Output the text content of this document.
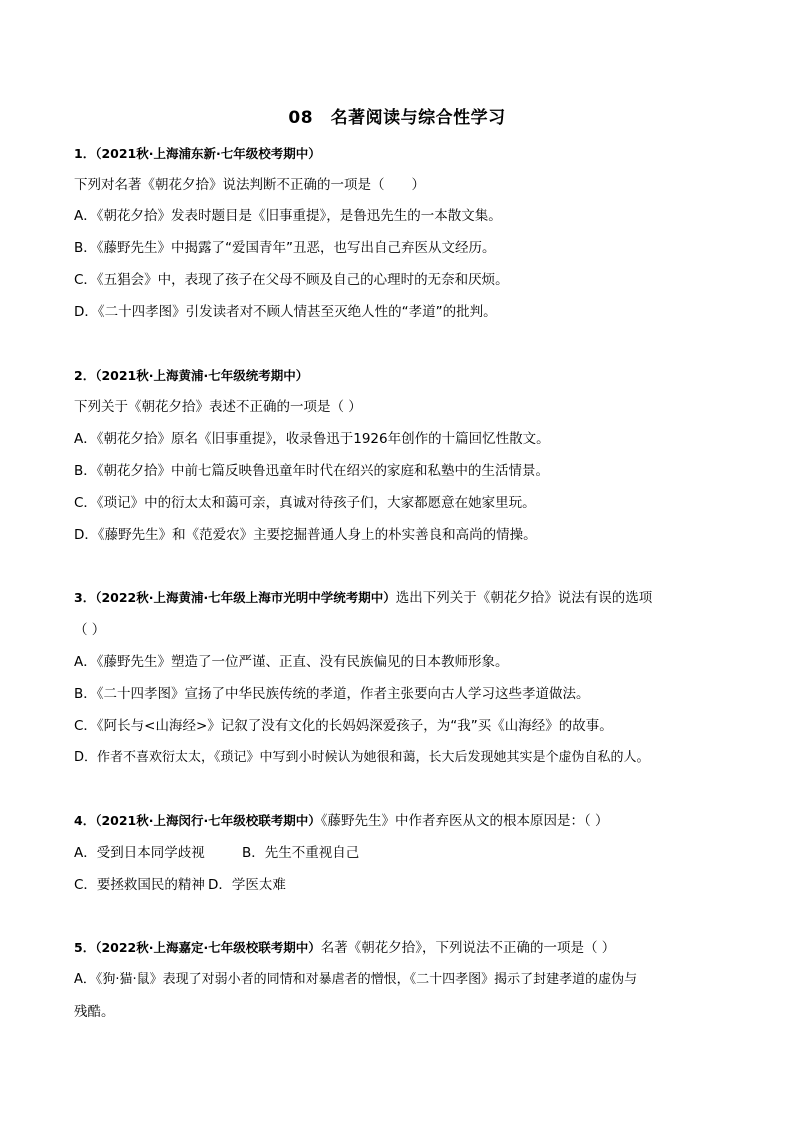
08　名著阅读与综合性学习
1．（2021秋·上海浦东新·七年级校考期中）
下列对名著《朝花夕拾》说法判断不正确的一项是（　　）
A．《朝花夕拾》发表时题目是《旧事重提》，是鲁迅先生的一本散文集。
B．《藤野先生》中揭露了“爱国青年”丑恶，也写出自己弃医从文经历。
C．《五猖会》中，表现了孩子在父母不顾及自己的心理时的无奈和厌烦。
D．《二十四孝图》引发读者对不顾人情甚至灭绝人性的“孝道”的批判。
2．（2021秋·上海黄浦·七年级统考期中）
下列关于《朝花夕拾》表述不正确的一项是（ ）
A．《朝花夕拾》原名《旧事重提》，收录鲁迅于1926年创作的十篇回忆性散文。
B．《朝花夕拾》中前七篇反映鲁迅童年时代在绍兴的家庭和私塾中的生活情景。
C．《琐记》中的衍太太和蔼可亲，真诚对待孩子们，大家都愿意在她家里玩。
D．《藤野先生》和《范爱农》主要挖掘普通人身上的朴实善良和高尚的情操。
3．（2022秋·上海黄浦·七年级上海市光明中学统考期中）选出下列关于《朝花夕拾》说法有误的选项
（ ）
A．《藤野先生》塑造了一位严谨、正直、没有民族偏见的日本教师形象。
B．《二十四孝图》宣扬了中华民族传统的孝道，作者主张要向古人学习这些孝道做法。
C．《阿长与<山海经>》记叙了没有文化的长妈妈深爱孩子，为“我”买《山海经》的故事。
D．作者不喜欢衍太太，《琐记》中写到小时候认为她很和蔼，长大后发现她其实是个虚伪自私的人。
4．（2021秋·上海闵行·七年级校联考期中）《藤野先生》中作者弃医从文的根本原因是：（ ）
A．受到日本同学歧视	B．先生不重视自己
C．要拯救国民的精神 D．学医太难
5．（2022秋·上海嘉定·七年级校联考期中）名著《朝花夕拾》，下列说法不正确的一项是（ ）
A．《狗·猫·鼠》表现了对弱小者的同情和对暴虐者的憎恨，《二十四孝图》揭示了封建孝道的虚伪与
残酷。
